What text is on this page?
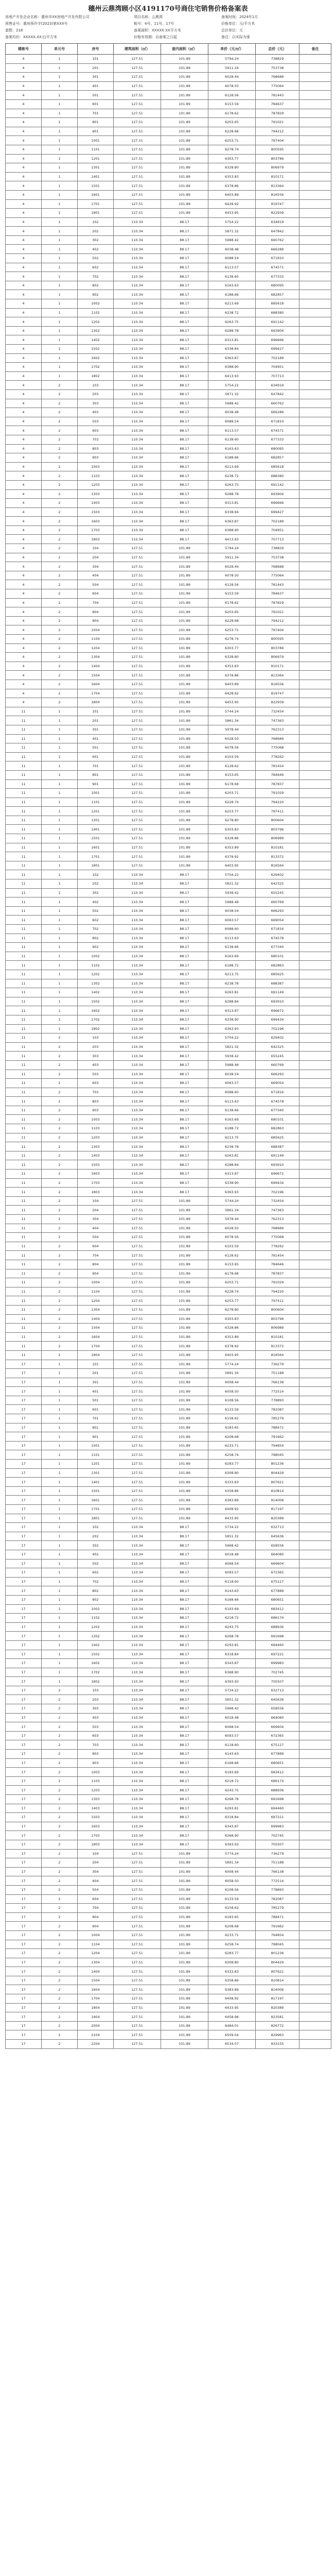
穗州云鼎湾顾小区4191170号商住宅销售价格备案表
房地产开发企业名称：惠州市XX房地产开发有限公司	项目名称：云鼎湾	备案时间：2024年1月
预售证号：惠房预许字(2023)第XXX号	栋号：4号、11号、17号	价格单位：元/平方米
套数：218	备案面积：XXXXX.XX平方米	总价单位：元
备案均价：XXXXX.XX元/平方米	价格有效期：自备案之日起	备注：以实际为准
楼栋号	单元号	房号	建筑面积（㎡）	套内面积（㎡）	单价（元/㎡）	总价（元）	备注
4	1	101	127.51	101.89	5794.24	738829	
4	1	201	127.51	101.89	5911.34	753738	
4	1	301	127.51	101.89	6028.44	768688	
4	1	401	127.51	101.89	6078.50	775064	
4	1	501	127.51	101.89	6128.56	781443	
4	1	601	127.51	101.89	6153.59	784637	
4	1	701	127.51	101.89	6178.62	787829	
4	1	801	127.51	101.89	6203.65	791021	
4	1	901	127.51	101.89	6228.68	794212	
4	1	1001	127.51	101.89	6253.71	797404	
4	1	1101	127.51	101.89	6278.74	800595	
4	1	1201	127.51	101.89	6303.77	803786	
4	1	1301	127.51	101.89	6328.80	806979	
4	1	1401	127.51	101.89	6353.83	810171	
4	1	1501	127.51	101.89	6378.86	813364	
4	1	1601	127.51	101.89	6403.89	816556	
4	1	1701	127.51	101.89	6428.92	819747	
4	1	1801	127.51	101.89	6453.95	822939	
4	1	102	110.34	88.17	5754.22	634919	
4	1	202	110.34	88.17	5871.32	647842	
4	1	302	110.34	88.17	5988.42	660762	
4	1	402	110.34	88.17	6038.48	666286	
4	1	502	110.34	88.17	6088.54	671810	
4	1	602	110.34	88.17	6113.57	674571	
4	1	702	110.34	88.17	6138.60	677333	
4	1	802	110.34	88.17	6163.63	680095	
4	1	902	110.34	88.17	6188.66	682857	
4	1	1002	110.34	88.17	6213.69	685618	
4	1	1102	110.34	88.17	6238.72	688380	
4	1	1202	110.34	88.17	6263.75	691142	
4	1	1302	110.34	88.17	6288.78	693904	
4	1	1402	110.34	88.17	6313.81	696666	
4	1	1502	110.34	88.17	6338.84	699427	
4	1	1602	110.34	88.17	6363.87	702189	
4	1	1702	110.34	88.17	6388.90	704951	
4	1	1802	110.34	88.17	6413.93	707713	
4	2	103	110.34	88.17	5754.22	634919	
4	2	203	110.34	88.17	5871.32	647842	
4	2	303	110.34	88.17	5988.42	660762	
4	2	403	110.34	88.17	6038.48	666286	
4	2	503	110.34	88.17	6088.54	671810	
4	2	603	110.34	88.17	6113.57	674571	
4	2	703	110.34	88.17	6138.60	677333	
4	2	803	110.34	88.17	6163.63	680095	
4	2	903	110.34	88.17	6188.66	682857	
4	2	1003	110.34	88.17	6213.69	685618	
4	2	1103	110.34	88.17	6238.72	688380	
4	2	1203	110.34	88.17	6263.75	691142	
4	2	1303	110.34	88.17	6288.78	693904	
4	2	1403	110.34	88.17	6313.81	696666	
4	2	1503	110.34	88.17	6338.84	699427	
4	2	1603	110.34	88.17	6363.87	702189	
4	2	1703	110.34	88.17	6388.90	704951	
4	2	1803	110.34	88.17	6413.93	707713	
4	2	104	127.51	101.89	5794.24	738829	
4	2	204	127.51	101.89	5911.34	753738	
4	2	304	127.51	101.89	6028.44	768688	
4	2	404	127.51	101.89	6078.50	775064	
4	2	504	127.51	101.89	6128.56	781443	
4	2	604	127.51	101.89	6153.59	784637	
4	2	704	127.51	101.89	6178.62	787829	
4	2	804	127.51	101.89	6203.65	791021	
4	2	904	127.51	101.89	6228.68	794212	
4	2	1004	127.51	101.89	6253.71	797404	
4	2	1104	127.51	101.89	6278.74	800595	
4	2	1204	127.51	101.89	6303.77	803786	
4	2	1304	127.51	101.89	6328.80	806979	
4	2	1404	127.51	101.89	6353.83	810171	
4	2	1504	127.51	101.89	6378.86	813364	
4	2	1604	127.51	101.89	6403.89	816556	
4	2	1704	127.51	101.89	6428.92	819747	
4	2	1804	127.51	101.89	6453.95	822939	
11	1	101	127.51	101.89	5744.24	732454	
11	1	201	127.51	101.89	5861.34	747363	
11	1	301	127.51	101.89	5978.44	762313	
11	1	401	127.51	101.89	6028.50	768689	
11	1	501	127.51	101.89	6078.56	775068	
11	1	601	127.51	101.89	6103.59	778262	
11	1	701	127.51	101.89	6128.62	781454	
11	1	801	127.51	101.89	6153.65	784646	
11	1	901	127.51	101.89	6178.68	787837	
11	1	1001	127.51	101.89	6203.71	791029	
11	1	1101	127.51	101.89	6228.74	794220	
11	1	1201	127.51	101.89	6253.77	797411	
11	1	1301	127.51	101.89	6278.80	800604	
11	1	1401	127.51	101.89	6303.83	803796	
11	1	1501	127.51	101.89	6328.86	806989	
11	1	1601	127.51	101.89	6353.89	810181	
11	1	1701	127.51	101.89	6378.92	813372	
11	1	1801	127.51	101.89	6403.95	816564	
11	1	102	110.34	88.17	5704.22	629402	
11	1	202	110.34	88.17	5821.32	642325	
11	1	302	110.34	88.17	5938.42	655245	
11	1	402	110.34	88.17	5988.48	660769	
11	1	502	110.34	88.17	6038.54	666293	
11	1	602	110.34	88.17	6063.57	669054	
11	1	702	110.34	88.17	6088.60	671816	
11	1	802	110.34	88.17	6113.63	674578	
11	1	902	110.34	88.17	6138.66	677340	
11	1	1002	110.34	88.17	6163.69	680101	
11	1	1102	110.34	88.17	6188.72	682863	
11	1	1202	110.34	88.17	6213.75	685625	
11	1	1302	110.34	88.17	6238.78	688387	
11	1	1402	110.34	88.17	6263.81	691149	
11	1	1502	110.34	88.17	6288.84	693910	
11	1	1602	110.34	88.17	6313.87	696672	
11	1	1702	110.34	88.17	6338.90	699434	
11	1	1802	110.34	88.17	6363.93	702196	
11	2	103	110.34	88.17	5704.22	629402	
11	2	203	110.34	88.17	5821.32	642325	
11	2	303	110.34	88.17	5938.42	655245	
11	2	403	110.34	88.17	5988.48	660769	
11	2	503	110.34	88.17	6038.54	666293	
11	2	603	110.34	88.17	6063.57	669054	
11	2	703	110.34	88.17	6088.60	671816	
11	2	803	110.34	88.17	6113.63	674578	
11	2	903	110.34	88.17	6138.66	677340	
11	2	1003	110.34	88.17	6163.69	680101	
11	2	1103	110.34	88.17	6188.72	682863	
11	2	1203	110.34	88.17	6213.75	685625	
11	2	1303	110.34	88.17	6238.78	688387	
11	2	1403	110.34	88.17	6263.81	691149	
11	2	1503	110.34	88.17	6288.84	693910	
11	2	1603	110.34	88.17	6313.87	696672	
11	2	1703	110.34	88.17	6338.90	699434	
11	2	1803	110.34	88.17	6363.93	702196	
11	2	104	127.51	101.89	5744.24	732454	
11	2	204	127.51	101.89	5861.34	747363	
11	2	304	127.51	101.89	5978.44	762313	
11	2	404	127.51	101.89	6028.50	768689	
11	2	504	127.51	101.89	6078.56	775068	
11	2	604	127.51	101.89	6103.59	778262	
11	2	704	127.51	101.89	6128.62	781454	
11	2	804	127.51	101.89	6153.65	784646	
11	2	904	127.51	101.89	6178.68	787837	
11	2	1004	127.51	101.89	6203.71	791029	
11	2	1104	127.51	101.89	6228.74	794220	
11	2	1204	127.51	101.89	6253.77	797411	
11	2	1304	127.51	101.89	6278.80	800604	
11	2	1404	127.51	101.89	6303.83	803796	
11	2	1504	127.51	101.89	6328.86	806989	
11	2	1604	127.51	101.89	6353.89	810181	
11	2	1704	127.51	101.89	6378.92	813372	
11	2	1804	127.51	101.89	6403.95	816564	
17	1	101	127.51	101.89	5774.24	736279	
17	1	201	127.51	101.89	5891.34	751188	
17	1	301	127.51	101.89	6008.44	766138	
17	1	401	127.51	101.89	6058.50	772514	
17	1	501	127.51	101.89	6108.56	778893	
17	1	601	127.51	101.89	6133.59	782087	
17	1	701	127.51	101.89	6158.62	785279	
17	1	801	127.51	101.89	6183.65	788471	
17	1	901	127.51	101.89	6208.68	791662	
17	1	1001	127.51	101.89	6233.71	794854	
17	1	1101	127.51	101.89	6258.74	798045	
17	1	1201	127.51	101.89	6283.77	801236	
17	1	1301	127.51	101.89	6308.80	804429	
17	1	1401	127.51	101.89	6333.83	807621	
17	1	1501	127.51	101.89	6358.86	810814	
17	1	1601	127.51	101.89	6383.89	814006	
17	1	1701	127.51	101.89	6408.92	817197	
17	1	1801	127.51	101.89	6433.95	820389	
17	1	102	110.34	88.17	5734.22	632713	
17	1	202	110.34	88.17	5851.32	645636	
17	1	302	110.34	88.17	5968.42	658556	
17	1	402	110.34	88.17	6018.48	664080	
17	1	502	110.34	88.17	6068.54	669604	
17	1	602	110.34	88.17	6093.57	672365	
17	1	702	110.34	88.17	6118.60	675127	
17	1	802	110.34	88.17	6143.63	677889	
17	1	902	110.34	88.17	6168.66	680651	
17	1	1002	110.34	88.17	6193.69	683412	
17	1	1102	110.34	88.17	6218.72	686174	
17	1	1202	110.34	88.17	6243.75	688936	
17	1	1302	110.34	88.17	6268.78	691698	
17	1	1402	110.34	88.17	6293.81	694460	
17	1	1502	110.34	88.17	6318.84	697221	
17	1	1602	110.34	88.17	6343.87	699983	
17	1	1702	110.34	88.17	6368.90	702745	
17	1	1802	110.34	88.17	6393.93	705507	
17	2	103	110.34	88.17	5734.22	632713	
17	2	203	110.34	88.17	5851.32	645636	
17	2	303	110.34	88.17	5968.42	658556	
17	2	403	110.34	88.17	6018.48	664080	
17	2	503	110.34	88.17	6068.54	669604	
17	2	603	110.34	88.17	6093.57	672365	
17	2	703	110.34	88.17	6118.60	675127	
17	2	803	110.34	88.17	6143.63	677889	
17	2	903	110.34	88.17	6168.66	680651	
17	2	1003	110.34	88.17	6193.69	683412	
17	2	1103	110.34	88.17	6218.72	686174	
17	2	1203	110.34	88.17	6243.75	688936	
17	2	1303	110.34	88.17	6268.78	691698	
17	2	1403	110.34	88.17	6293.81	694460	
17	2	1503	110.34	88.17	6318.84	697221	
17	2	1603	110.34	88.17	6343.87	699983	
17	2	1703	110.34	88.17	6368.90	702745	
17	2	1803	110.34	88.17	6393.93	705507	
17	2	104	127.51	101.89	5774.24	736279	
17	2	204	127.51	101.89	5891.34	751188	
17	2	304	127.51	101.89	6008.44	766138	
17	2	404	127.51	101.89	6058.50	772514	
17	2	504	127.51	101.89	6108.56	778893	
17	2	604	127.51	101.89	6133.59	782087	
17	2	704	127.51	101.89	6158.62	785279	
17	2	804	127.51	101.89	6183.65	788471	
17	2	904	127.51	101.89	6208.68	791662	
17	2	1004	127.51	101.89	6233.71	794854	
17	2	1104	127.51	101.89	6258.74	798045	
17	2	1204	127.51	101.89	6283.77	801236	
17	2	1304	127.51	101.89	6308.80	804429	
17	2	1404	127.51	101.89	6333.83	807621	
17	2	1504	127.51	101.89	6358.86	810814	
17	2	1604	127.51	101.89	6383.89	814006	
17	2	1704	127.51	101.89	6408.92	817197	
17	2	1804	127.51	101.89	6433.95	820389	
17	2	1904	127.51	101.89	6458.98	823581	
17	2	2004	127.51	101.89	6484.01	826772	
17	2	2104	127.51	101.89	6509.04	829963	
17	2	2204	127.51	101.89	6534.07	833155	
